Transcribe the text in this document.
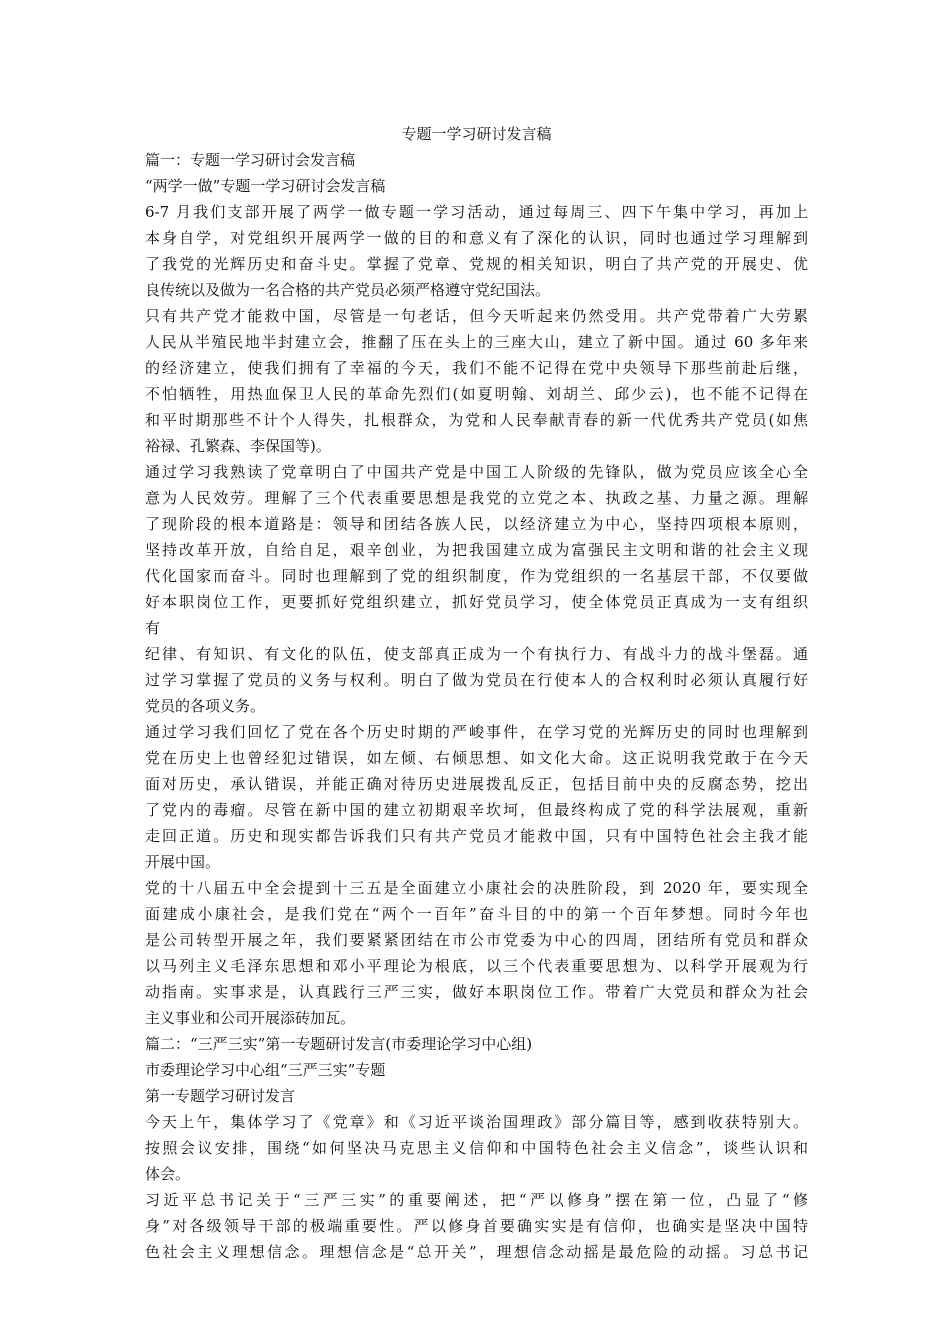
专题一学习研讨发言稿

篇一：专题一学习研讨会发言稿

“两学一做”专题一学习研讨会发言稿

6-7 月我们支部开展了两学一做专题一学习活动，通过每周三、四下午集中学习，再加上

本身自学，对党组织开展两学一做的目的和意义有了深化的认识，同时也通过学习理解到

了我党的光辉历史和奋斗史。掌握了党章、党规的相关知识，明白了共产党的开展史、优

良传统以及做为一名合格的共产党员必须严格遵守党纪国法。

只有共产党才能救中国，尽管是一句老话，但今天听起来仍然受用。共产党带着广大劳累

人民从半殖民地半封建立会，推翻了压在头上的三座大山，建立了新中国。通过 60 多年来

的经济建立，使我们拥有了幸福的今天，我们不能不记得在党中央领导下那些前赴后继，

不怕牺牲，用热血保卫人民的革命先烈们(如夏明翰、刘胡兰、邱少云)，也不能不记得在

和平时期那些不计个人得失，扎根群众，为党和人民奉献青春的新一代优秀共产党员(如焦

裕禄、孔繁森、李保国等)。

通过学习我熟读了党章明白了中国共产党是中国工人阶级的先锋队，做为党员应该全心全

意为人民效劳。理解了三个代表重要思想是我党的立党之本、执政之基、力量之源。理解

了现阶段的根本道路是：领导和团结各族人民，以经济建立为中心，坚持四项根本原则，

坚持改革开放，自给自足，艰辛创业，为把我国建立成为富强民主文明和谐的社会主义现

代化国家而奋斗。同时也理解到了党的组织制度，作为党组织的一名基层干部，不仅要做

好本职岗位工作，更要抓好党组织建立，抓好党员学习，使全体党员正真成为一支有组织

有

纪律、有知识、有文化的队伍，使支部真正成为一个有执行力、有战斗力的战斗堡磊。通

过学习掌握了党员的义务与权利。明白了做为党员在行使本人的合权利时必须认真履行好

党员的各项义务。

通过学习我们回忆了党在各个历史时期的严峻事件，在学习党的光辉历史的同时也理解到

党在历史上也曾经犯过错误，如左倾、右倾思想、如文化大命。这正说明我党敢于在今天

面对历史，承认错误，并能正确对待历史进展拨乱反正，包括目前中央的反腐态势，挖出

了党内的毒瘤。尽管在新中国的建立初期艰辛坎坷，但最终构成了党的科学法展观，重新

走回正道。历史和现实都告诉我们只有共产党员才能救中国，只有中国特色社会主我才能

开展中国。

党的十八届五中全会提到十三五是全面建立小康社会的决胜阶段，到 2020 年，要实现全

面建成小康社会，是我们党在“两个一百年”奋斗目的中的第一个百年梦想。同时今年也

是公司转型开展之年，我们要紧紧团结在市公市党委为中心的四周，团结所有党员和群众

以马列主义毛泽东思想和邓小平理论为根底，以三个代表重要思想为、以科学开展观为行

动指南。实事求是，认真践行三严三实，做好本职岗位工作。带着广大党员和群众为社会

主义事业和公司开展添砖加瓦。

篇二：“三严三实”第一专题研讨发言(市委理论学习中心组)

市委理论学习中心组“三严三实”专题

第一专题学习研讨发言

今天上午，集体学习了《党章》和《习近平谈治国理政》部分篇目等，感到收获特别大。

按照会议安排，围绕“如何坚决马克思主义信仰和中国特色社会主义信念”，谈些认识和

体会。

习近平总书记关于“三严三实”的重要阐述，把“严以修身”摆在第一位，凸显了“修

身”对各级领导干部的极端重要性。严以修身首要确实实是有信仰，也确实是坚决中国特

色社会主义理想信念。理想信念是“总开关”，理想信念动摇是最危险的动摇。习总书记
